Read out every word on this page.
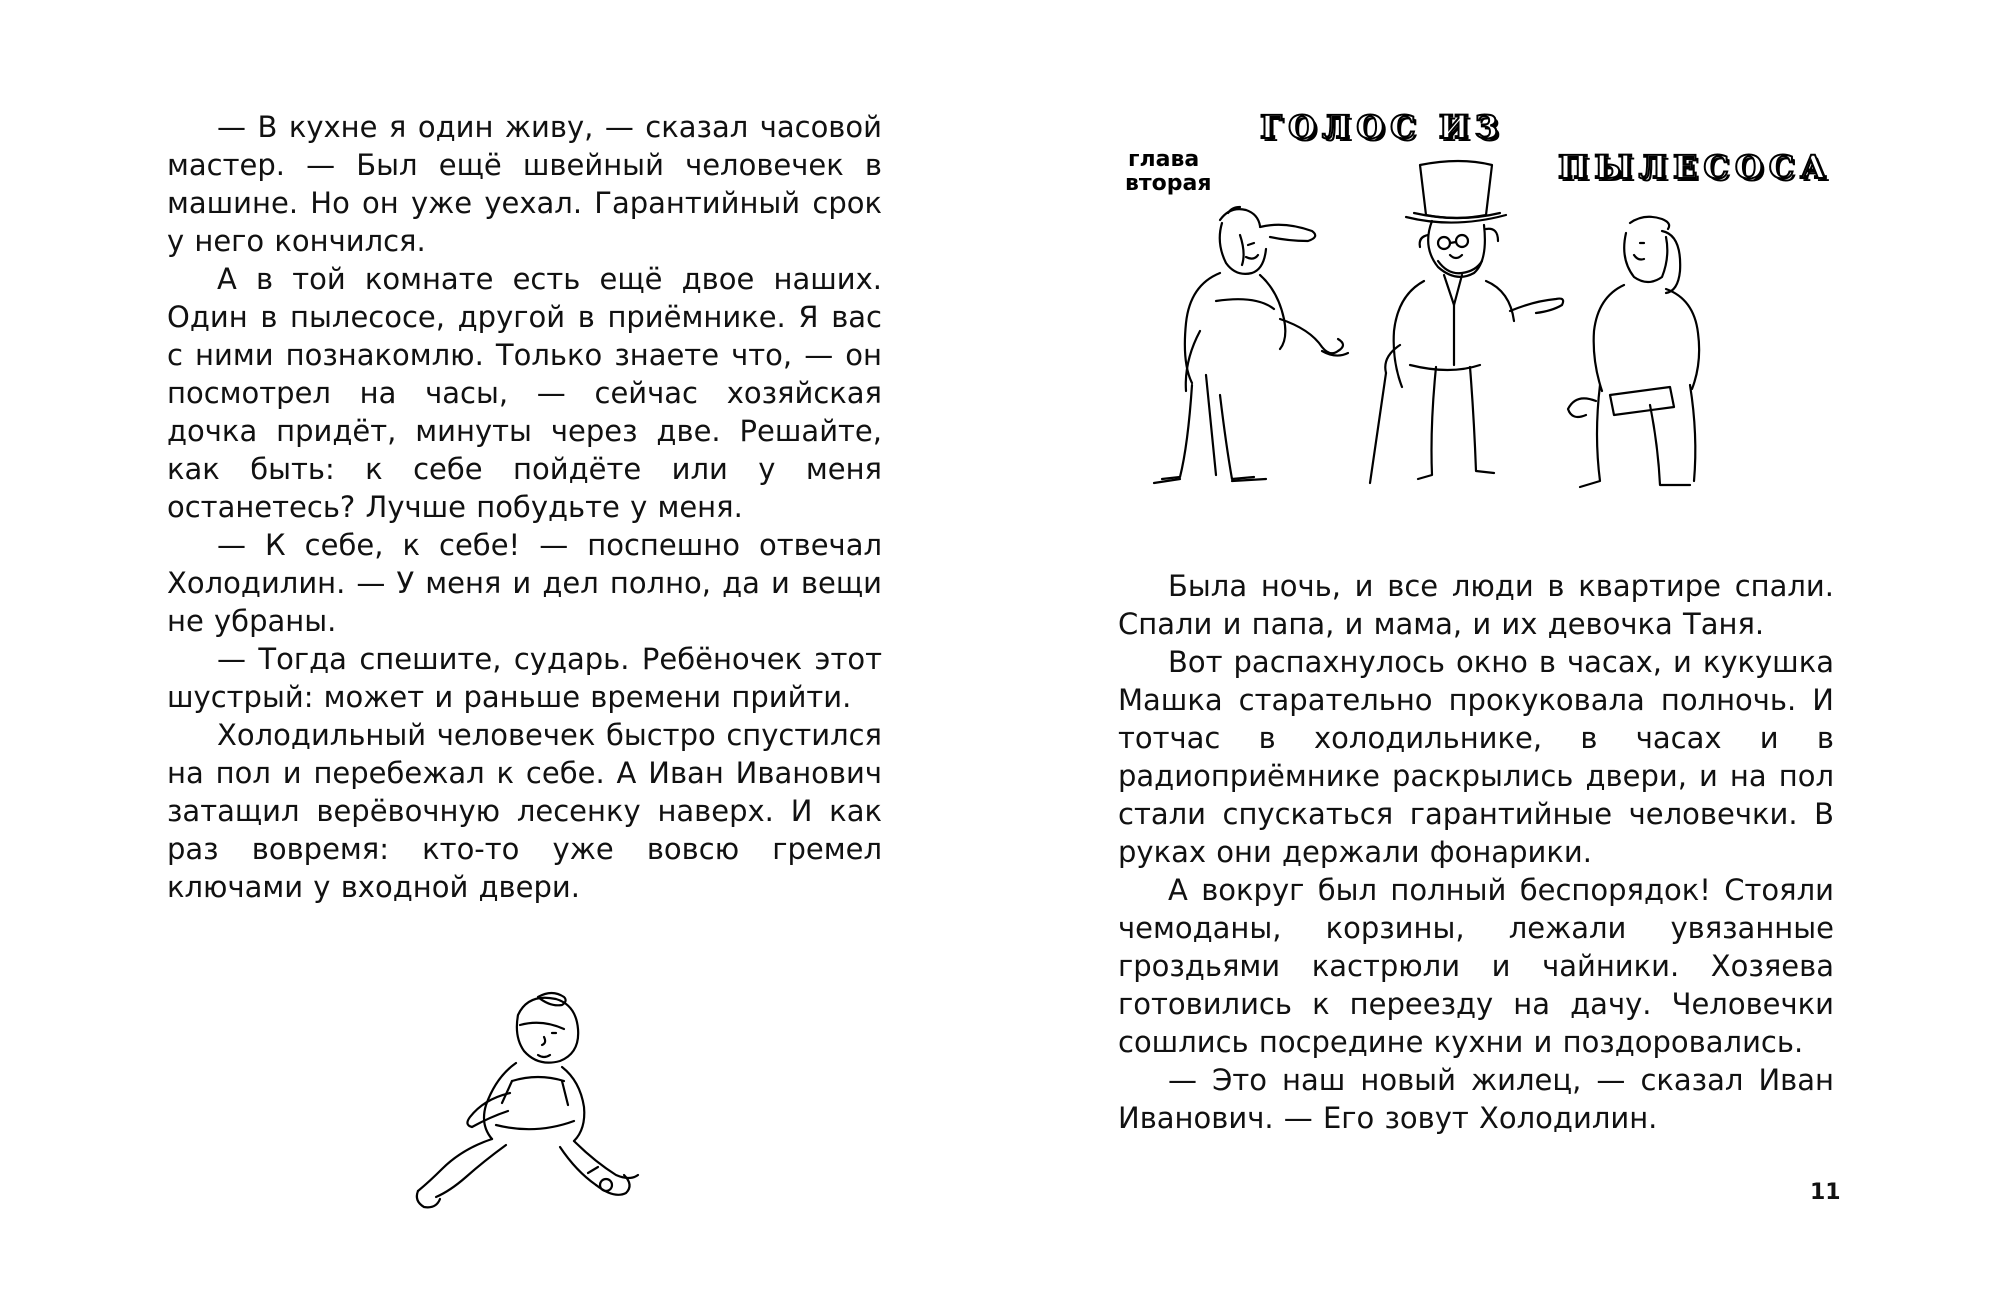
— В кухне я один живу, — сказал часовой мастер. — Был ещё швейный человечек в машине. Но он уже уехал. Гарантийный срок у него кончился.

А в той комнате есть ещё двое наших. Один в пылесосе, другой в приёмнике. Я вас с ними познакомлю. Только знаете что, — он посмотрел на часы, — сейчас хозяйская дочка придёт, минуты через две. Решайте, как быть: к себе пойдёте или у меня останетесь? Лучше побудьте у меня.

— К себе, к себе! — поспешно отвечал Холодилин. — У меня и дел полно, да и вещи не убраны.

— Тогда спешите, сударь. Ребёночек этот шустрый: может и раньше времени прийти.

Холодильный человечек быстро спустился на пол и перебежал к себе. А Иван Иванович затащил верёвочную лесенку наверх. И как раз вовремя: кто-то уже вовсю гремел ключами у входной двери.

ГОЛОС ИЗ
ПЫЛЕСОСА
глава
вторая

Была ночь, и все люди в квартире спали. Спали и папа, и мама, и их девочка Таня.

Вот распахнулось окно в часах, и кукушка Машка старательно прокуковала полночь. И тотчас в холодильнике, в часах и в радиоприёмнике раскрылись двери, и на пол стали спускаться гарантийные человечки. В руках они держали фонарики.

А вокруг был полный беспорядок! Стояли чемоданы, корзины, лежали увязанные гроздьями кастрюли и чайники. Хозяева готовились к переезду на дачу. Человечки сошлись посредине кухни и поздоровались.

— Это наш новый жилец, — сказал Иван Иванович. — Его зовут Холодилин.

11
